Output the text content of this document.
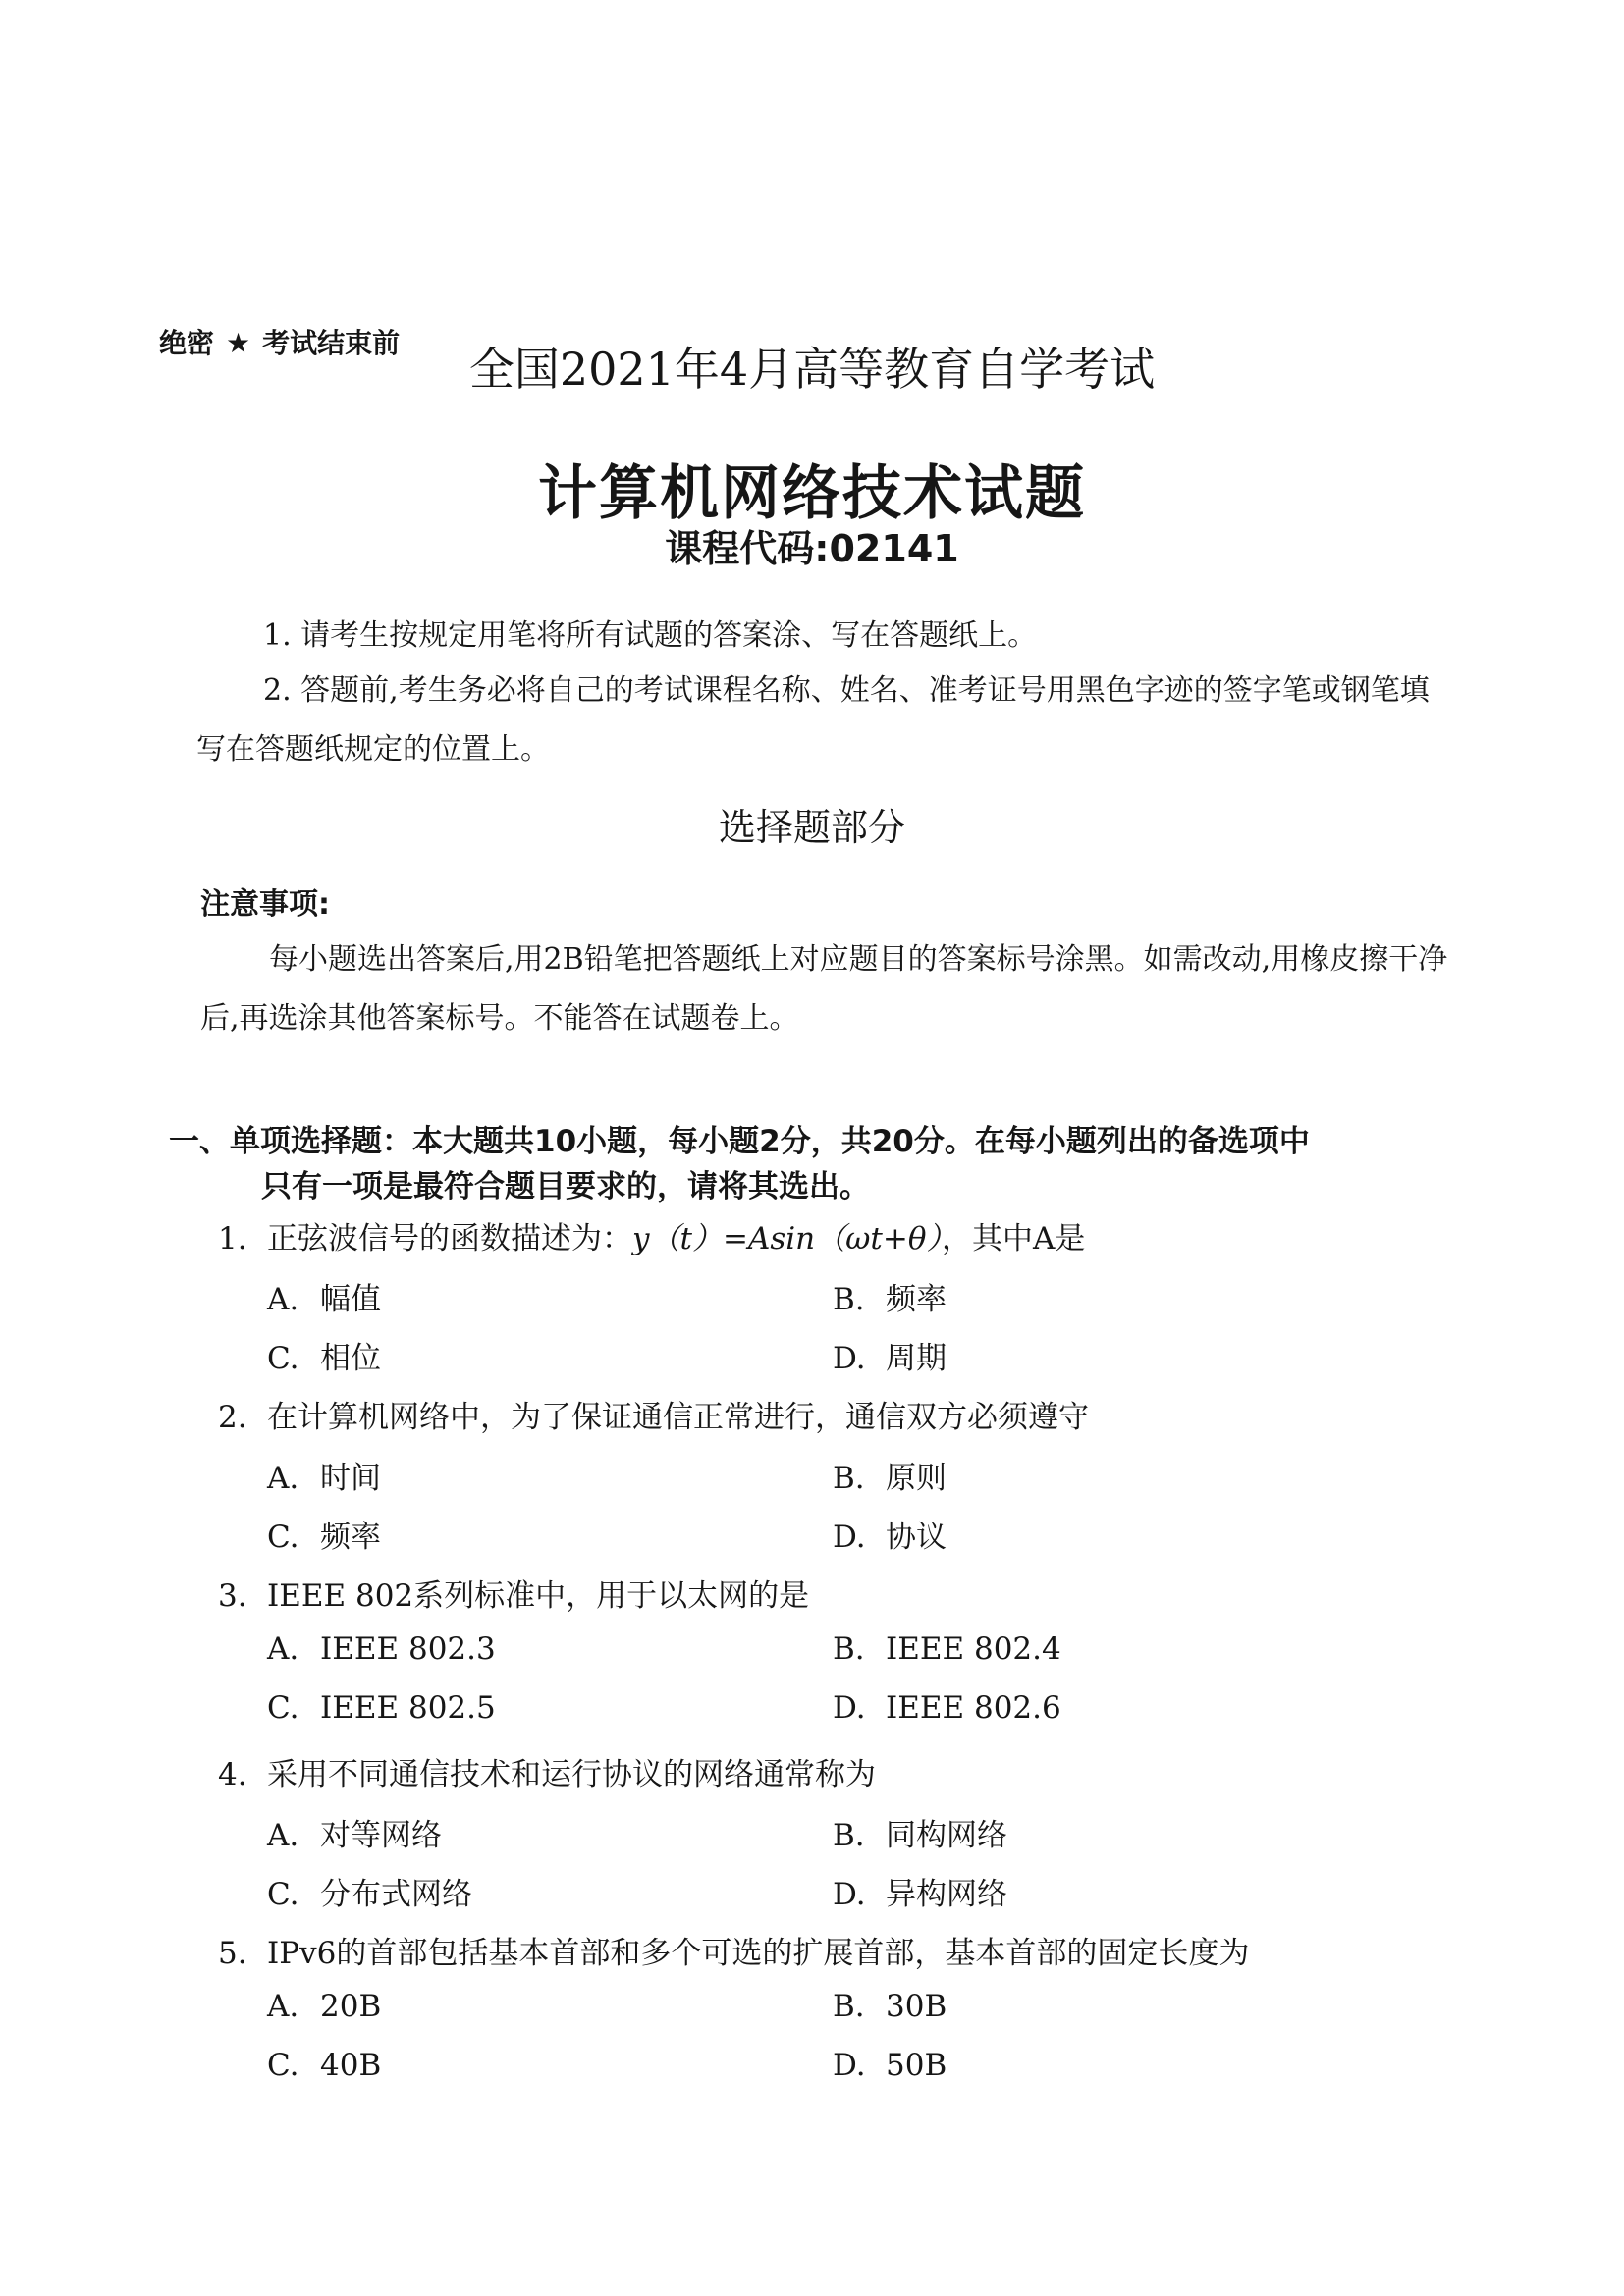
绝密 ★ 考试结束前	全国2021年4月高等教育自学考试
计算机网络技术试题
课程代码:02141
1. 请考生按规定用笔将所有试题的答案涂、写在答题纸上。
2. 答题前,考生务必将自己的考试课程名称、姓名、准考证号用黑色字迹的签字笔或钢笔填写在答题纸规定的位置上。
选择题部分
注意事项:
每小题选出答案后,用2B铅笔把答题纸上对应题目的答案标号涂黑。如需改动,用橡皮擦干净后,再选涂其他答案标号。不能答在试题卷上。
一、单项选择题：本大题共10小题，每小题2分，共20分。在每小题列出的备选项中
只有一项是最符合题目要求的，请将其选出。
1. 正弦波信号的函数描述为：y（t）=Asin（ωt+θ），其中A是
A. 幅值	B. 频率
C. 相位	D. 周期
2. 在计算机网络中，为了保证通信正常进行，通信双方必须遵守
A. 时间	B. 原则
C. 频率	D. 协议
3. IEEE 802系列标准中，用于以太网的是
A. IEEE 802.3	B. IEEE 802.4
C. IEEE 802.5	D. IEEE 802.6
4. 采用不同通信技术和运行协议的网络通常称为
A. 对等网络	B. 同构网络
C. 分布式网络	D. 异构网络
5. IPv6的首部包括基本首部和多个可选的扩展首部，基本首部的固定长度为
A. 20B	B. 30B
C. 40B	D. 50B
